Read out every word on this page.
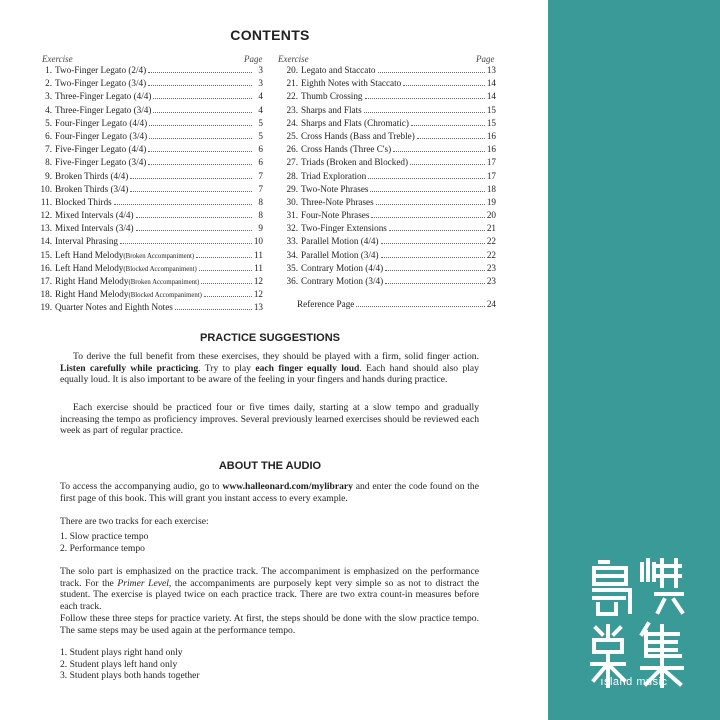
CONTENTS
Exercise	Page Exercise	Page
1. Two-Finger Legato (2/4)	3
2. Two-Finger Legato (3/4)	3
3. Three-Finger Legato (4/4)	4
4. Three-Finger Legato (3/4)	4
5. Four-Finger Legato (4/4)	5
6. Four-Finger Legato (3/4)	5
7. Five-Finger Legato (4/4)	6
8. Five-Finger Legato (3/4)	6
9. Broken Thirds (4/4)	7
10. Broken Thirds (3/4)	7
11. Blocked Thirds	8
12. Mixed Intervals (4/4)	8
13. Mixed Intervals (3/4)	9
14. Interval Phrasing	10
15. Left Hand Melody (Broken Accompaniment)	11
16. Left Hand Melody (Blocked Accompaniment)	11
17. Right Hand Melody (Broken Accompaniment)	12
18. Right Hand Melody (Blocked Accompaniment)	12
19. Quarter Notes and Eighth Notes	13
20. Legato and Staccato	13
21. Eighth Notes with Staccato	14
22. Thumb Crossing	14
23. Sharps and Flats	15
24. Sharps and Flats (Chromatic)	15
25. Cross Hands (Bass and Treble)	16
26. Cross Hands (Three C's)	16
27. Triads (Broken and Blocked)	17
28. Triad Exploration	17
29. Two-Note Phrases	18
30. Three-Note Phrases	19
31. Four-Note Phrases	20
32. Two-Finger Extensions	21
33. Parallel Motion (4/4)	22
34. Parallel Motion (3/4)	22
35. Contrary Motion (4/4)	23
36. Contrary Motion (3/4)	23
Reference Page	24
PRACTICE SUGGESTIONS

To derive the full benefit from these exercises, they should be played with a firm, solid finger action. Listen carefully while practicing. Try to play each finger equally loud. Each hand should also play equally loud. It is also important to be aware of the feeling in your fingers and hands during practice.

Each exercise should be practiced four or five times daily, starting at a slow tempo and gradually increasing the tempo as proficiency improves. Several previously learned exercises should be reviewed each week as part of regular practice.

ABOUT THE AUDIO

To access the accompanying audio, go to www.halleonard.com/mylibrary and enter the code found on the first page of this book. This will grant you instant access to every example.

There are two tracks for each exercise:

1. Slow practice tempo
2. Performance tempo

The solo part is emphasized on the practice track. The accompaniment is emphasized on the performance track. For the Primer Level, the accompaniments are purposely kept very simple so as not to distract the student. The exercise is played twice on each practice track. There are two extra count-in measures before each track.

Follow these three steps for practice variety. At first, the steps should be done with the slow practice tempo. The same steps may be used again at the performance tempo.

1. Student plays right hand only
2. Student plays left hand only
3. Student plays both hands together
ısland music
